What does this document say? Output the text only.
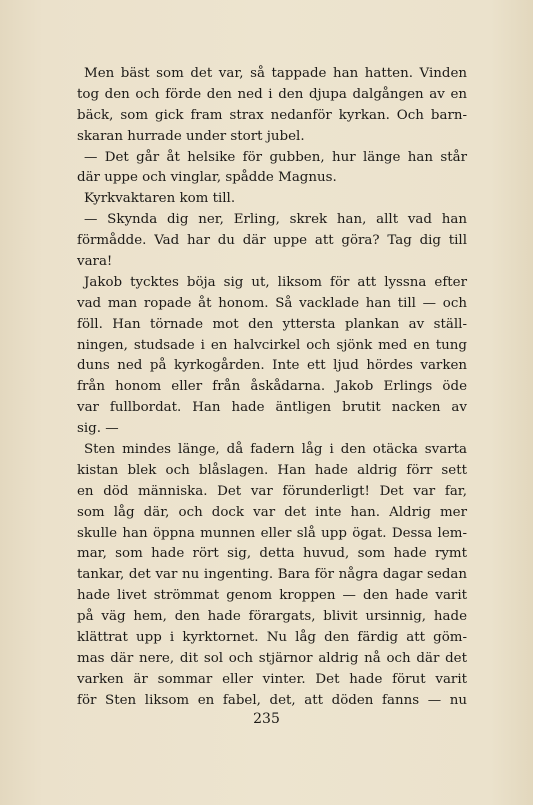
Men bäst som det var, så tappade han hatten. Vinden
tog den och förde den ned i den djupa dalgången av en
bäck, som gick fram strax nedanför kyrkan. Och barn-
skaran hurrade under stort jubel.
— Det går åt helsike för gubben, hur länge han står
där uppe och vinglar, spådde Magnus.
Kyrkvaktaren kom till.
— Skynda dig ner, Erling, skrek han, allt vad han
förmådde. Vad har du där uppe att göra? Tag dig till
vara!
Jakob tycktes böja sig ut, liksom för att lyssna efter
vad man ropade åt honom. Så vacklade han till — och
föll. Han törnade mot den yttersta plankan av ställ-
ningen, studsade i en halvcirkel och sjönk med en tung
duns ned på kyrkogården. Inte ett ljud hördes varken
från honom eller från åskådarna. Jakob Erlings öde
var fullbordat. Han hade äntligen brutit nacken av
sig. —
Sten mindes länge, då fadern låg i den otäcka svarta
kistan blek och blåslagen. Han hade aldrig förr sett
en död människa. Det var förunderligt! Det var far,
som låg där, och dock var det inte han. Aldrig mer
skulle han öppna munnen eller slå upp ögat. Dessa lem-
mar, som hade rört sig, detta huvud, som hade rymt
tankar, det var nu ingenting. Bara för några dagar sedan
hade livet strömmat genom kroppen — den hade varit
på väg hem, den hade förargats, blivit ursinnig, hade
klättrat upp i kyrktornet. Nu låg den färdig att göm-
mas där nere, dit sol och stjärnor aldrig nå och där det
varken är sommar eller vinter. Det hade förut varit
för Sten liksom en fabel, det, att döden fanns — nu
235
